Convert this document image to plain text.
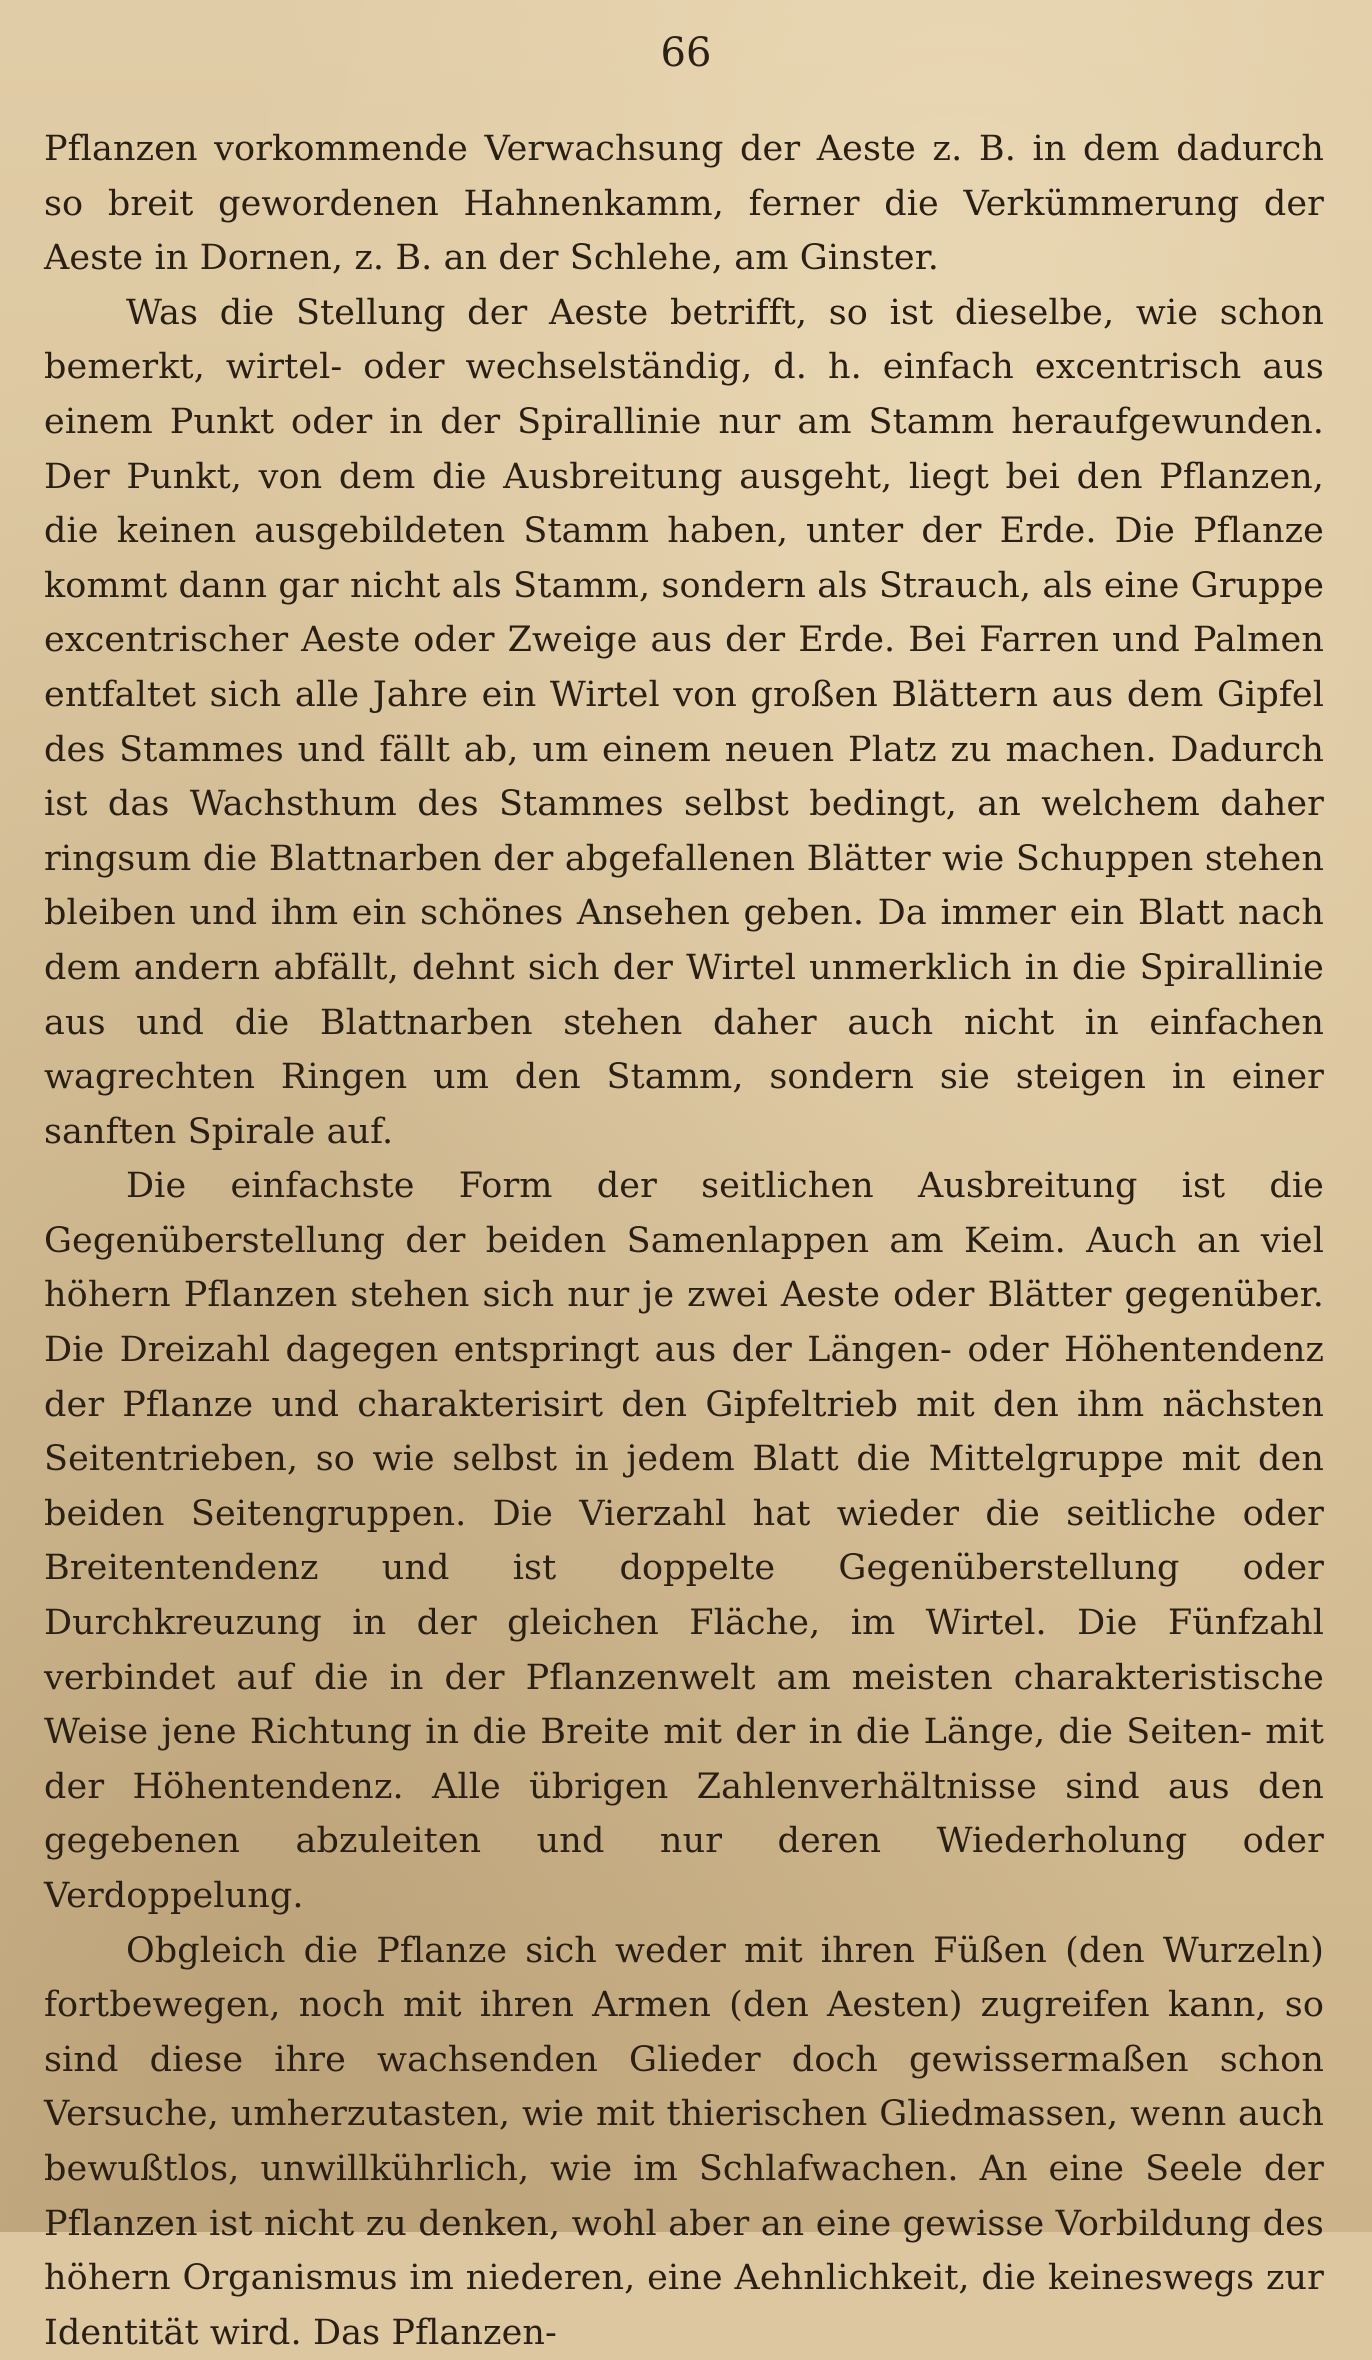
66

Pflanzen vorkommende Verwachsung der Aeste z. B. in dem dadurch so breit gewordenen Hahnenkamm, ferner die Verkümmerung der Aeste in Dornen, z. B. an der Schlehe, am Ginster.

Was die Stellung der Aeste betrifft, so ist dieselbe, wie schon bemerkt, wirtel- oder wechselständig, d. h. einfach excentrisch aus einem Punkt oder in der Spirallinie nur am Stamm heraufgewunden. Der Punkt, von dem die Ausbreitung ausgeht, liegt bei den Pflanzen, die keinen ausgebildeten Stamm haben, unter der Erde. Die Pflanze kommt dann gar nicht als Stamm, sondern als Strauch, als eine Gruppe excentrischer Aeste oder Zweige aus der Erde. Bei Farren und Palmen entfaltet sich alle Jahre ein Wirtel von großen Blättern aus dem Gipfel des Stammes und fällt ab, um einem neuen Platz zu machen. Dadurch ist das Wachsthum des Stammes selbst bedingt, an welchem daher ringsum die Blattnarben der abgefallenen Blätter wie Schuppen stehen bleiben und ihm ein schönes Ansehen geben. Da immer ein Blatt nach dem andern abfällt, dehnt sich der Wirtel unmerklich in die Spirallinie aus und die Blattnarben stehen daher auch nicht in einfachen wagrechten Ringen um den Stamm, sondern sie steigen in einer sanften Spirale auf.

Die einfachste Form der seitlichen Ausbreitung ist die Gegenüberstellung der beiden Samenlappen am Keim. Auch an viel höhern Pflanzen stehen sich nur je zwei Aeste oder Blätter gegenüber. Die Dreizahl dagegen entspringt aus der Längen- oder Höhentendenz der Pflanze und charakterisirt den Gipfeltrieb mit den ihm nächsten Seitentrieben, so wie selbst in jedem Blatt die Mittelgruppe mit den beiden Seitengruppen. Die Vierzahl hat wieder die seitliche oder Breitentendenz und ist doppelte Gegenüberstellung oder Durchkreuzung in der gleichen Fläche, im Wirtel. Die Fünfzahl verbindet auf die in der Pflanzenwelt am meisten charakteristische Weise jene Richtung in die Breite mit der in die Länge, die Seiten- mit der Höhentendenz. Alle übrigen Zahlenverhältnisse sind aus den gegebenen abzuleiten und nur deren Wiederholung oder Verdoppelung.

Obgleich die Pflanze sich weder mit ihren Füßen (den Wurzeln) fortbewegen, noch mit ihren Armen (den Aesten) zugreifen kann, so sind diese ihre wachsenden Glieder doch gewissermaßen schon Versuche, umherzutasten, wie mit thierischen Gliedmassen, wenn auch bewußtlos, unwillkührlich, wie im Schlafwachen. An eine Seele der Pflanzen ist nicht zu denken, wohl aber an eine gewisse Vorbildung des höhern Organismus im niederen, eine Aehnlichkeit, die keineswegs zur Identität wird. Das Pflanzen-
